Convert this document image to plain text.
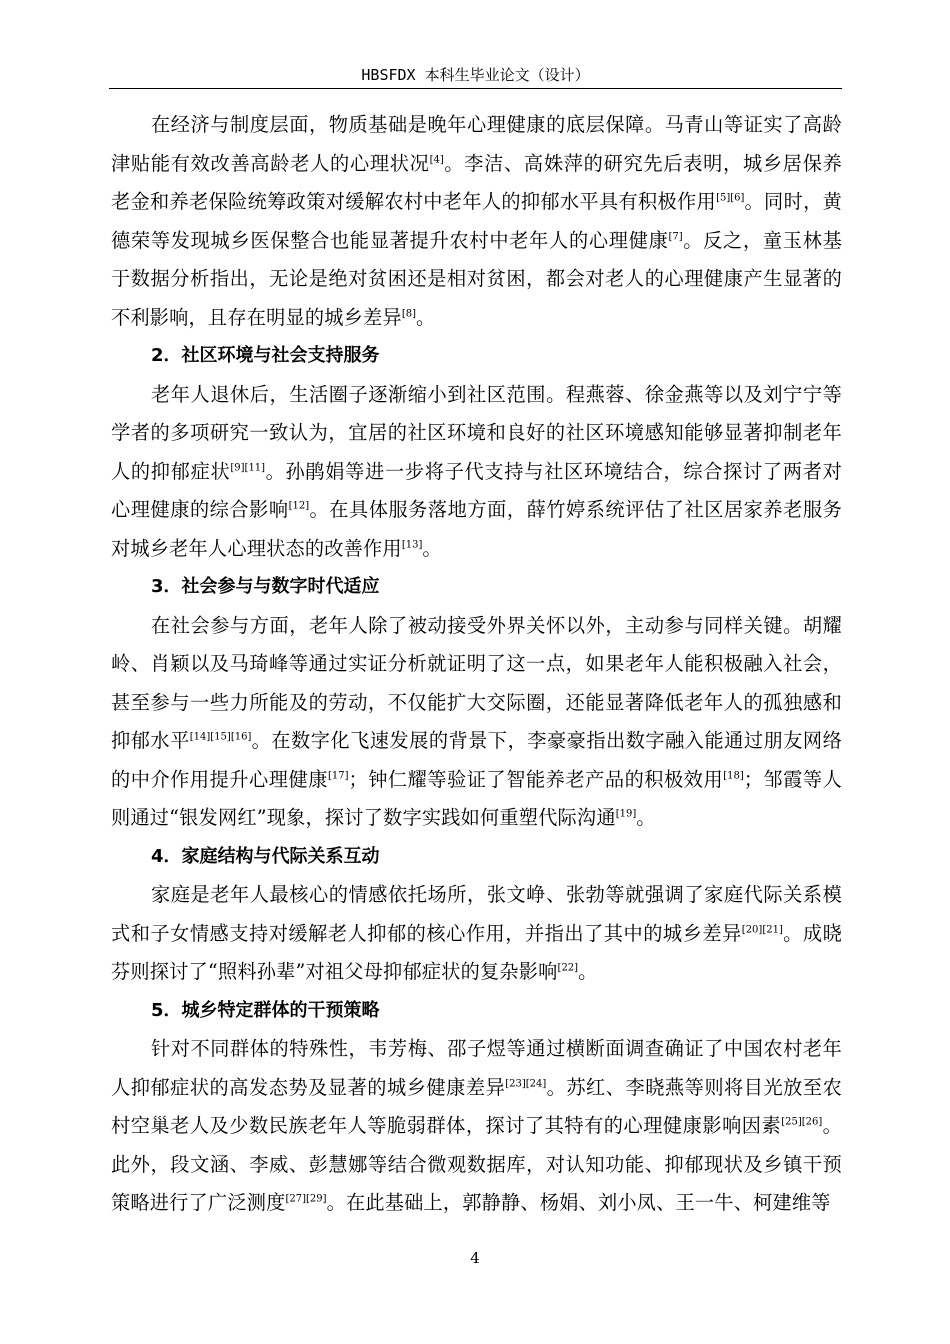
HBSFDX 本科生毕业论文（设计）

在经济与制度层面，物质基础是晚年心理健康的底层保障。马青山等证实了高龄津贴能有效改善高龄老人的心理状况[4]。李洁、高姝萍的研究先后表明，城乡居保养老金和养老保险统筹政策对缓解农村中老年人的抑郁水平具有积极作用[5][6]。同时，黄德荣等发现城乡医保整合也能显著提升农村中老年人的心理健康[7]。反之，童玉林基于数据分析指出，无论是绝对贫困还是相对贫困，都会对老人的心理健康产生显著的不利影响，且存在明显的城乡差异[8]。

2．社区环境与社会支持服务

老年人退休后，生活圈子逐渐缩小到社区范围。程燕蓉、徐金燕等以及刘宁宁等学者的多项研究一致认为，宜居的社区环境和良好的社区环境感知能够显著抑制老年人的抑郁症状[9][11]。孙鹃娟等进一步将子代支持与社区环境结合，综合探讨了两者对心理健康的综合影响[12]。在具体服务落地方面，薛竹婷系统评估了社区居家养老服务对城乡老年人心理状态的改善作用[13]。

3．社会参与与数字时代适应

在社会参与方面，老年人除了被动接受外界关怀以外，主动参与同样关键。胡耀岭、肖颖以及马琦峰等通过实证分析就证明了这一点，如果老年人能积极融入社会，甚至参与一些力所能及的劳动，不仅能扩大交际圈，还能显著降低老年人的孤独感和抑郁水平[14][15][16]。在数字化飞速发展的背景下，李豪豪指出数字融入能通过朋友网络的中介作用提升心理健康[17]；钟仁耀等验证了智能养老产品的积极效用[18]；邹霞等人则通过“银发网红”现象，探讨了数字实践如何重塑代际沟通[19]。

4．家庭结构与代际关系互动

家庭是老年人最核心的情感依托场所，张文峥、张勃等就强调了家庭代际关系模式和子女情感支持对缓解老人抑郁的核心作用，并指出了其中的城乡差异[20][21]。成晓芬则探讨了“照料孙辈”对祖父母抑郁症状的复杂影响[22]。

5．城乡特定群体的干预策略

针对不同群体的特殊性，韦芳梅、邵子煜等通过横断面调查确证了中国农村老年人抑郁症状的高发态势及显著的城乡健康差异[23][24]。苏红、李晓燕等则将目光放至农村空巢老人及少数民族老年人等脆弱群体，探讨了其特有的心理健康影响因素[25][26]。此外，段文涵、李威、彭慧娜等结合微观数据库，对认知功能、抑郁现状及乡镇干预策略进行了广泛测度[27][29]。在此基础上，郭静静、杨娟、刘小凤、王一牛、柯建维等

4
